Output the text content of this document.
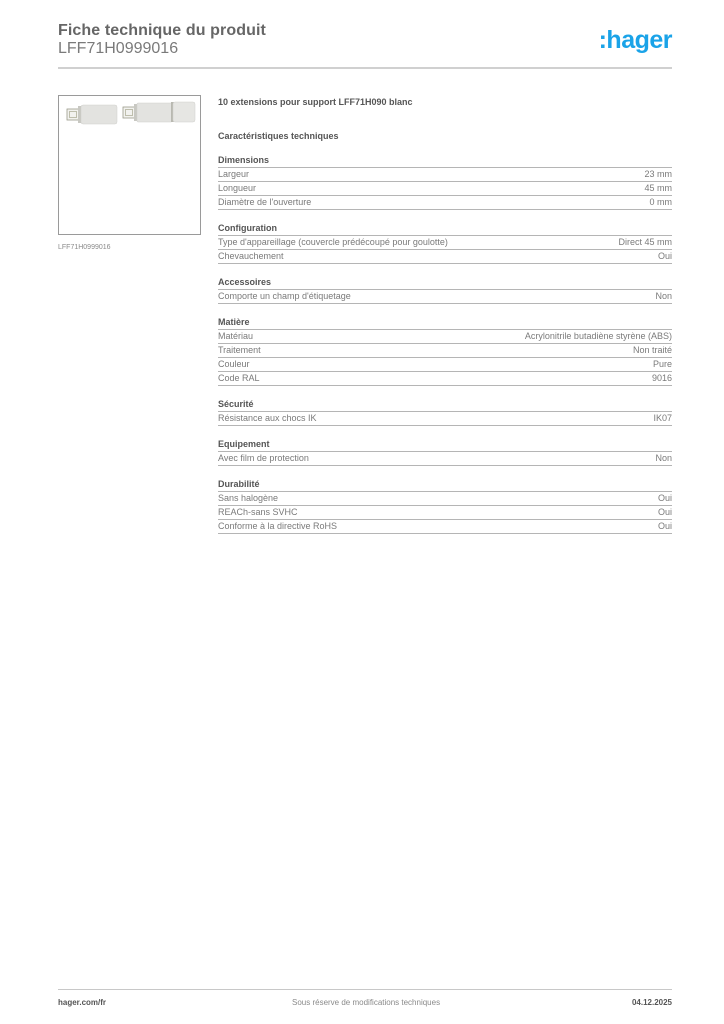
Fiche technique du produit
LFF71H0999016	:hager
LFF71H0999016
10 extensions pour support LFF71H090 blanc
Caractéristiques techniques
Dimensions
Largeur	23 mm
Longueur	45 mm
Diamètre de l'ouverture	0 mm
Configuration
Type d'appareillage (couvercle prédécoupé pour goulotte)	Direct 45 mm
Chevauchement	Oui
Accessoires
Comporte un champ d'étiquetage	Non
Matière
Matériau	Acrylonitrile butadiène styrène (ABS)
Traitement	Non traité
Couleur	Pure
Code RAL	9016
Sécurité
Résistance aux chocs IK	IK07
Equipement
Avec film de protection	Non
Durabilité
Sans halogène	Oui
REACh-sans SVHC	Oui
Conforme à la directive RoHS	Oui
hager.com/fr	Sous réserve de modifications techniques	04.12.2025
